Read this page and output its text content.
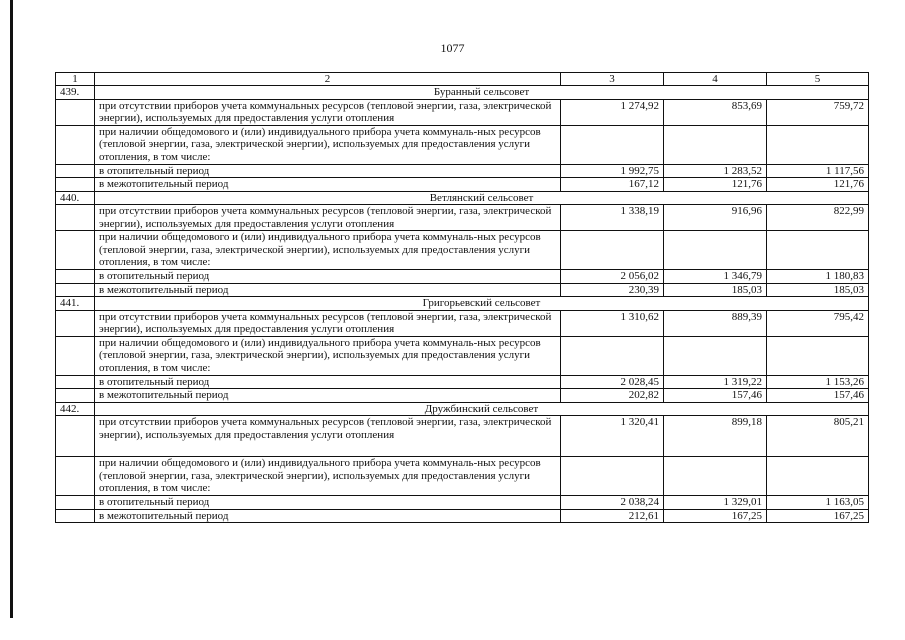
1077
1	2	3	4	5
439.	Буранный сельсовет			
	при отсутствии приборов учета коммунальных ресурсов (тепловой энергии, газа, электрической энергии), используемых для предоставления услуги отопления	1 274,92	853,69	759,72
	при наличии общедомового и (или) индивидуального прибора учета коммуналь-ных ресурсов (тепловой энергии, газа, электрической энергии), используемых для предоставления услуги отопления, в том числе:			
	в отопительный период	1 992,75	1 283,52	1 117,56
	в межотопительный период	167,12	121,76	121,76
440.	Ветлянский сельсовет			
	при отсутствии приборов учета коммунальных ресурсов (тепловой энергии, газа, электрической энергии), используемых для предоставления услуги отопления	1 338,19	916,96	822,99
	при наличии общедомового и (или) индивидуального прибора учета коммуналь-ных ресурсов (тепловой энергии, газа, электрической энергии), используемых для предоставления услуги отопления, в том числе:			
	в отопительный период	2 056,02	1 346,79	1 180,83
	в межотопительный период	230,39	185,03	185,03
441.	Григорьевский сельсовет			
	при отсутствии приборов учета коммунальных ресурсов (тепловой энергии, газа, электрической энергии), используемых для предоставления услуги отопления	1 310,62	889,39	795,42
	при наличии общедомового и (или) индивидуального прибора учета коммуналь-ных ресурсов (тепловой энергии, газа, электрической энергии), используемых для предоставления услуги отопления, в том числе:			
	в отопительный период	2 028,45	1 319,22	1 153,26
	в межотопительный период	202,82	157,46	157,46
442.	Дружбинский сельсовет			
	при отсутствии приборов учета коммунальных ресурсов (тепловой энергии, газа, электрической энергии), используемых для предоставления услуги отопления	1 320,41	899,18	805,21
	при наличии общедомового и (или) индивидуального прибора учета коммуналь-ных ресурсов (тепловой энергии, газа, электрической энергии), используемых для предоставления услуги отопления, в том числе:			
	в отопительный период	2 038,24	1 329,01	1 163,05
	в межотопительный период	212,61	167,25	167,25
